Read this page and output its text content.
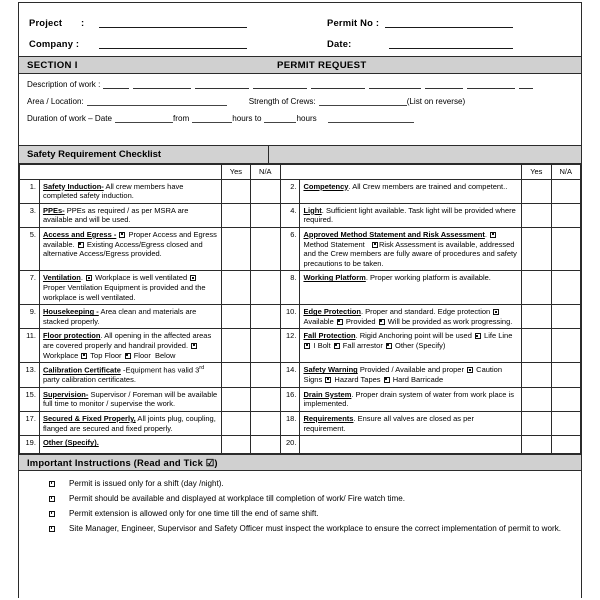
Project	:	Permit No :
Company :	Date:
SECTION I	PERMIT REQUEST
Description of work :
Area / Location:	Strength of Crews:	(List on reverse)
Duration of work – Date	from	hours to	hours
Safety Requirement Checklist
		Yes	N/A			Yes	N/A
1.	Safety Induction- All crew members have completed safety induction.			2.	Competency. All Crew members are trained and competent..		
3.	PPEs- PPEs as required / as per MSRA are available and will be used.			4.	Light. Sufficient light available. Task light will be provided where required.		
5.	Access and Egress -  Proper Access and Egress available.  Existing Access/Egress closed and alternative Access/Egress provided.			6.	Approved Method Statement and Risk Assessment.  Method Statement   Risk Assessment is available, addressed and the Crew members are fully aware of procedures and safety precautions to be taken.		
7.	Ventilation.  Workplace is well ventilated  Proper Ventilation Equipment is provided and the workplace is well ventilated.			8.	Working Platform. Proper working platform is available.		
9.	Housekeeping - Area clean and materials are stacked properly.			10.	Edge Protection. Proper and standard. Edge protection  Available  Provided  Will be provided as work progressing.		
11.	Floor protection. All opening in the affected areas are covered properly and handrail provided.  Workplace  Top Floor  Floor  Below			12.	Fall Protection. Rigid Anchoring point will be used  Life Line  I Bolt  Fall arrestor  Other (Specify)		
13.	Calibration Certificate -Equipment has valid 3rd party calibration certificates.			14.	Safety Warning Provided / Available and proper  Caution Signs  Hazard Tapes  Hard Barricade		
15.	Supervision- Supervisor / Foreman will be available full time to monitor / supervise the work.			16.	Drain System. Proper drain system of water from work place is implemented.		
17.	Secured & Fixed Properly, All joints plug, coupling, flanged are secured and fixed properly.			18.	Requirements. Ensure all valves are closed as per requirement.		
19.	Other (Specify).			20.			
Important Instructions (Read and Tick ☑)
Permit is issued only for a shift (day /night).
Permit should be available and displayed at workplace till completion of work/ Fire watch time.
Permit extension is allowed only for one time till the end of same shift.
Site Manager, Engineer, Supervisor and Safety Officer must inspect the workplace to ensure the correct implementation of permit to work.
